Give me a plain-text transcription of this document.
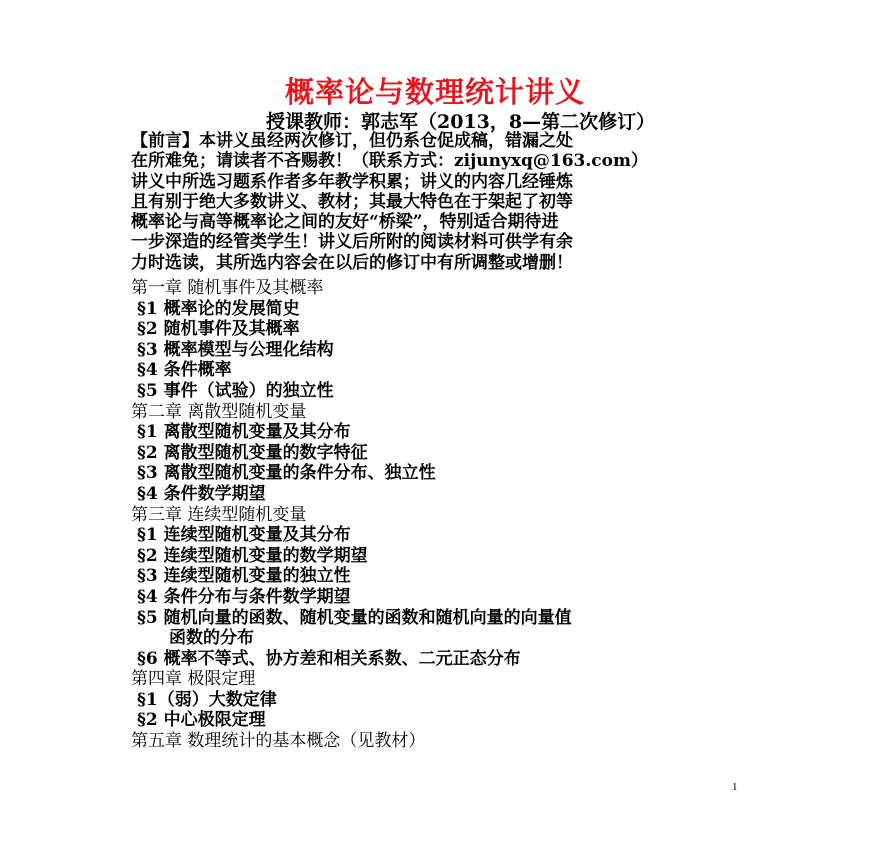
概率论与数理统计讲义
授课教师：郭志军（2013，8—第二次修订）
【前言】本讲义虽经两次修订，但仍系仓促成稿，错漏之处
在所难免；请读者不吝赐教！（联系方式：zijunyxq@163.com）
讲义中所选习题系作者多年教学积累；讲义的内容几经锤炼
且有别于绝大多数讲义、教材；其最大特色在于架起了初等
概率论与高等概率论之间的友好“桥梁”，特别适合期待进
一步深造的经管类学生！讲义后所附的阅读材料可供学有余
力时选读，其所选内容会在以后的修订中有所调整或增删！
第一章 随机事件及其概率
§1 概率论的发展简史
§2 随机事件及其概率
§3 概率模型与公理化结构
§4 条件概率
§5 事件（试验）的独立性
第二章 离散型随机变量
§1 离散型随机变量及其分布
§2 离散型随机变量的数字特征
§3 离散型随机变量的条件分布、独立性
§4 条件数学期望
第三章 连续型随机变量
§1 连续型随机变量及其分布
§2 连续型随机变量的数学期望
§3 连续型随机变量的独立性
§4 条件分布与条件数学期望
§5 随机向量的函数、随机变量的函数和随机向量的向量值
函数的分布
§6 概率不等式、协方差和相关系数、二元正态分布
第四章 极限定理
§1（弱）大数定律
§2 中心极限定理
第五章 数理统计的基本概念（见教材）
1
